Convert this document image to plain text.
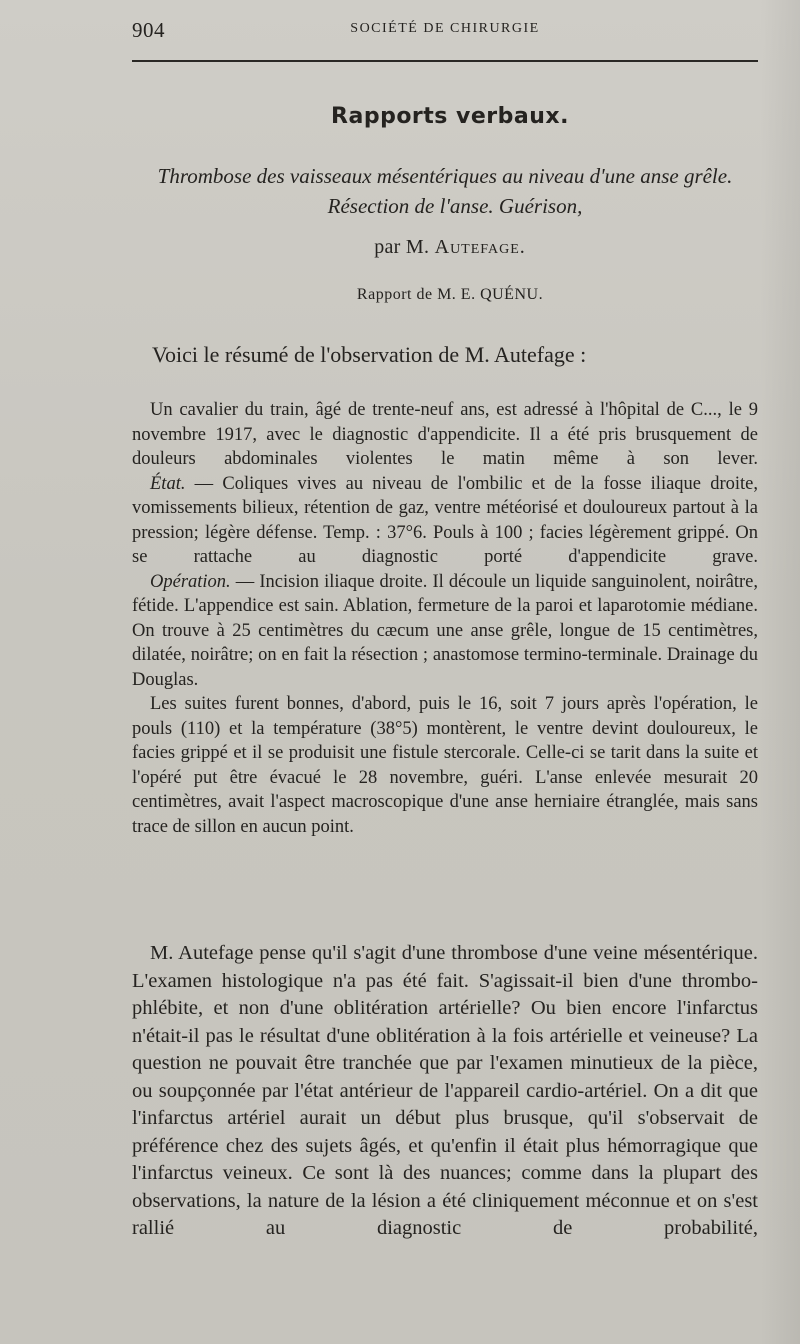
904	SOCIÉTÉ DE CHIRURGIE
Rapports verbaux.
Thrombose des vaisseaux mésentériques au niveau d'une anse grêle.
Résection de l'anse. Guérison,
par M. Autefage.
Rapport de M. E. QUÉNU.
Voici le résumé de l'observation de M. Autefage :

Un cavalier du train, âgé de trente-neuf ans, est adressé à l'hôpital de C..., le 9 novembre 1917, avec le diagnostic d'appendicite. Il a été pris brusquement de douleurs abdominales violentes le matin même à son lever.

État. — Coliques vives au niveau de l'ombilic et de la fosse iliaque droite, vomissements bilieux, rétention de gaz, ventre météorisé et douloureux partout à la pression; légère défense. Temp. : 37°6. Pouls à 100 ; facies légèrement grippé. On se rattache au diagnostic porté d'appendicite grave.

Opération. — Incision iliaque droite. Il découle un liquide sanguinolent, noirâtre, fétide. L'appendice est sain. Ablation, fermeture de la paroi et laparotomie médiane. On trouve à 25 centimètres du cæcum une anse grêle, longue de 15 centimètres, dilatée, noirâtre; on en fait la résection ; anastomose termino-terminale. Drainage du Douglas.

Les suites furent bonnes, d'abord, puis le 16, soit 7 jours après l'opération, le pouls (110) et la température (38°5) montèrent, le ventre devint douloureux, le facies grippé et il se produisit une fistule stercorale. Celle-ci se tarit dans la suite et l'opéré put être évacué le 28 novembre, guéri. L'anse enlevée mesurait 20 centimètres, avait l'aspect macroscopique d'une anse herniaire étranglée, mais sans trace de sillon en aucun point.

M. Autefage pense qu'il s'agit d'une thrombose d'une veine mésentérique. L'examen histologique n'a pas été fait. S'agissait-il bien d'une thrombo-phlébite, et non d'une oblitération artérielle? Ou bien encore l'infarctus n'était-il pas le résultat d'une oblitération à la fois artérielle et veineuse? La question ne pouvait être tranchée que par l'examen minutieux de la pièce, ou soupçonnée par l'état antérieur de l'appareil cardio-artériel. On a dit que l'infarctus artériel aurait un début plus brusque, qu'il s'observait de préférence chez des sujets âgés, et qu'enfin il était plus hémorragique que l'infarctus veineux. Ce sont là des nuances; comme dans la plupart des observations, la nature de la lésion a été cliniquement méconnue et on s'est rallié au diagnostic de probabilité,
